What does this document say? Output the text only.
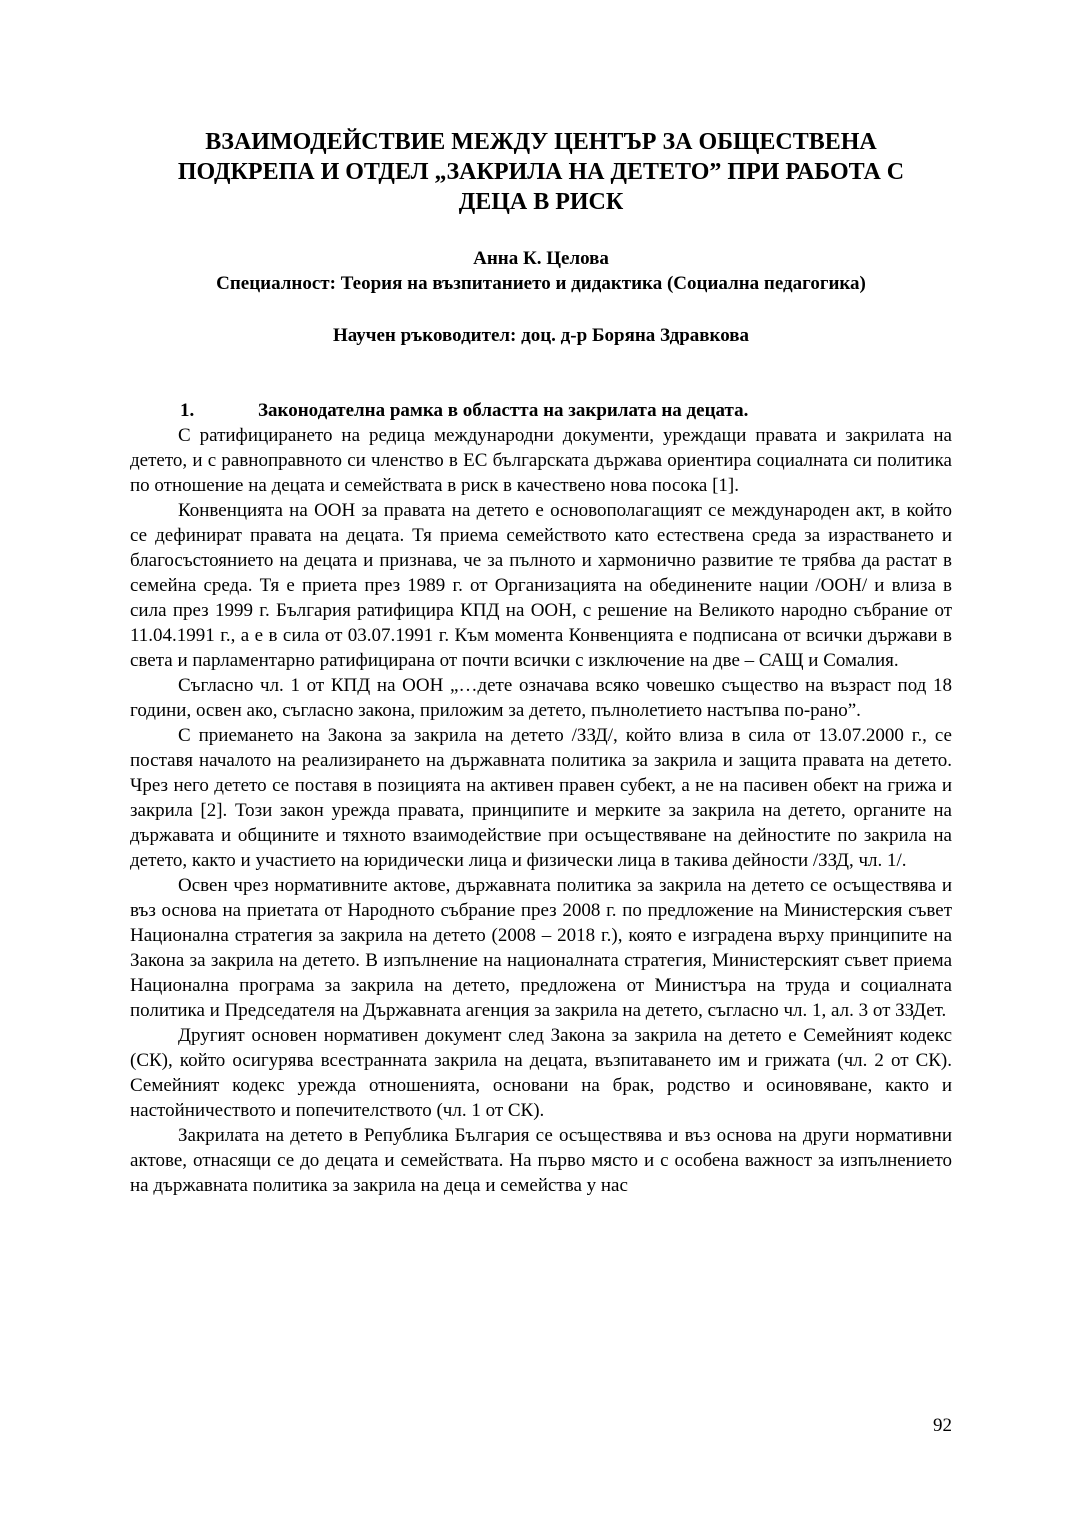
ВЗАИМОДЕЙСТВИЕ МЕЖДУ ЦЕНТЪР ЗА ОБЩЕСТВЕНА
ПОДКРЕПА И ОТДЕЛ „ЗАКРИЛА НА ДЕТЕТО” ПРИ РАБОТА С
ДЕЦА В РИСК
Анна К. Целова
Специалност: Теория на възпитанието и дидактика (Социална педагогика)
Научен ръководител: доц. д-р Боряна Здравкова
1.	Законодателна рамка в областта на закрилата на децата.

С ратифицирането на редица международни документи, уреждащи правата и закрилата на детето, и с равноправното си членство в ЕС българската държава ориентира социалната си политика по отношение на децата и семействата в риск в качествено нова посока [1].

Конвенцията на ООН за правата на детето е основополагащият се международен акт, в който се дефинират правата на децата. Тя приема семейството като естествена среда за израстването и благосъстоянието на децата и признава, че за пълното и хармонично развитие те трябва да растат в семейна среда. Тя е приета през 1989 г. от Организацията на обединените нации /ООН/ и влиза в сила през 1999 г. България ратифицира КПД на ООН, с решение на Великото народно събрание от 11.04.1991 г., а е в сила от 03.07.1991 г. Към момента Конвенцията е подписана от всички държави в света и парламентарно ратифицирана от почти всички с изключение на две – САЩ и Сомалия.

Съгласно чл. 1 от КПД на ООН „…дете означава всяко човешко същество на възраст под 18 години, освен ако, съгласно закона, приложим за детето, пълнолетието настъпва по-рано”.

С приемането на Закона за закрила на детето /ЗЗД/, който влиза в сила от 13.07.2000 г., се поставя началото на реализирането на държавната политика за закрила и защита правата на детето. Чрез него детето се поставя в позицията на активен правен субект, а не на пасивен обект на грижа и закрила [2]. Този закон урежда правата, принципите и мерките за закрила на детето, органите на държавата и общините и тяхното взаимодействие при осъществяване на дейностите по закрила на детето, както и участието на юридически лица и физически лица в такива дейности /ЗЗД, чл. 1/.

Освен чрез нормативните актове, държавната политика за закрила на детето се осъществява и въз основа на приетата от Народното събрание през 2008 г. по предложение на Министерския съвет Национална стратегия за закрила на детето (2008 – 2018 г.), която е изградена върху принципите на Закона за закрила на детето. В изпълнение на националната стратегия, Министерският съвет приема Национална програма за закрила на детето, предложена от Министъра на труда и социалната политика и Председателя на Държавната агенция за закрила на детето, съгласно чл. 1, ал. 3 от ЗЗДет.

Другият основен нормативен документ след Закона за закрила на детето е Семейният кодекс (СК), който осигурява всестранната закрила на децата, възпитаването им и грижата (чл. 2 от СК). Семейният кодекс урежда отношенията, основани на брак, родство и осиновяване, както и настойничеството и попечителството (чл. 1 от СК).

Закрилата на детето в Република България се осъществява и въз основа на други нормативни актове, отнасящи се до децата и семействата. На първо място и с особена важност за изпълнението на държавната политика за закрила на деца и семейства у нас

92
